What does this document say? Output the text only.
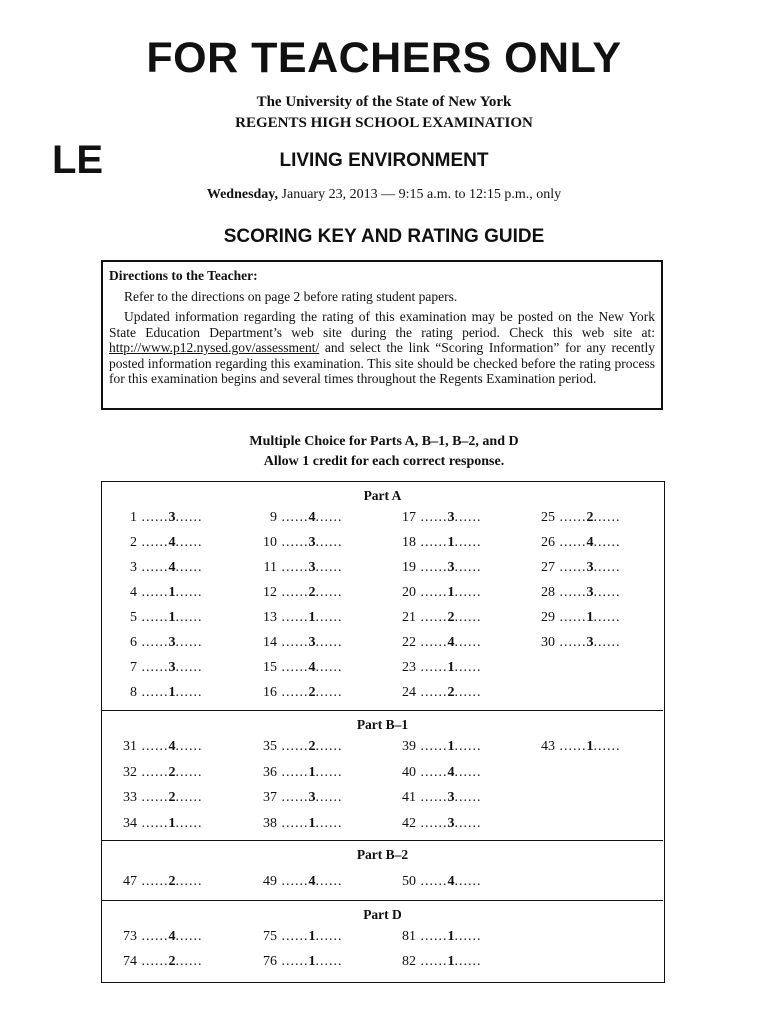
FOR TEACHERS ONLY
LE
The University of the State of New York
REGENTS HIGH SCHOOL EXAMINATION
LIVING ENVIRONMENT
Wednesday, January 23, 2013 — 9:15 a.m. to 12:15 p.m., only
SCORING KEY AND RATING GUIDE
Directions to the Teacher:

Refer to the directions on page 2 before rating student papers.

Updated information regarding the rating of this examination may be posted on the New York State Education Department’s web site during the rating period. Check this web site at: http://www.p12.nysed.gov/assessment/ and select the link “Scoring Information” for any recently posted information regarding this examination. This site should be checked before the rating process for this examination begins and several times throughout the Regents Examination period.

Multiple Choice for Parts A, B–1, B–2, and D
Allow 1 credit for each correct response.
Part A
1 ......3......
2 ......4......
3 ......4......
4 ......1......
5 ......1......
6 ......3......
7 ......3......
8 ......1......
9 ......4......
10 ......3......
11 ......3......
12 ......2......
13 ......1......
14 ......3......
15 ......4......
16 ......2......
17 ......3......
18 ......1......
19 ......3......
20 ......1......
21 ......2......
22 ......4......
23 ......1......
24 ......2......
25 ......2......
26 ......4......
27 ......3......
28 ......3......
29 ......1......
30 ......3......
Part B–1
31 ......4......
32 ......2......
33 ......2......
34 ......1......
35 ......2......
36 ......1......
37 ......3......
38 ......1......
39 ......1......
40 ......4......
41 ......3......
42 ......3......
43 ......1......
Part B–2
47 ......2......	49 ......4......	50 ......4......
Part D
73 ......4......
74 ......2......
75 ......1......
76 ......1......
81 ......1......
82 ......1......
